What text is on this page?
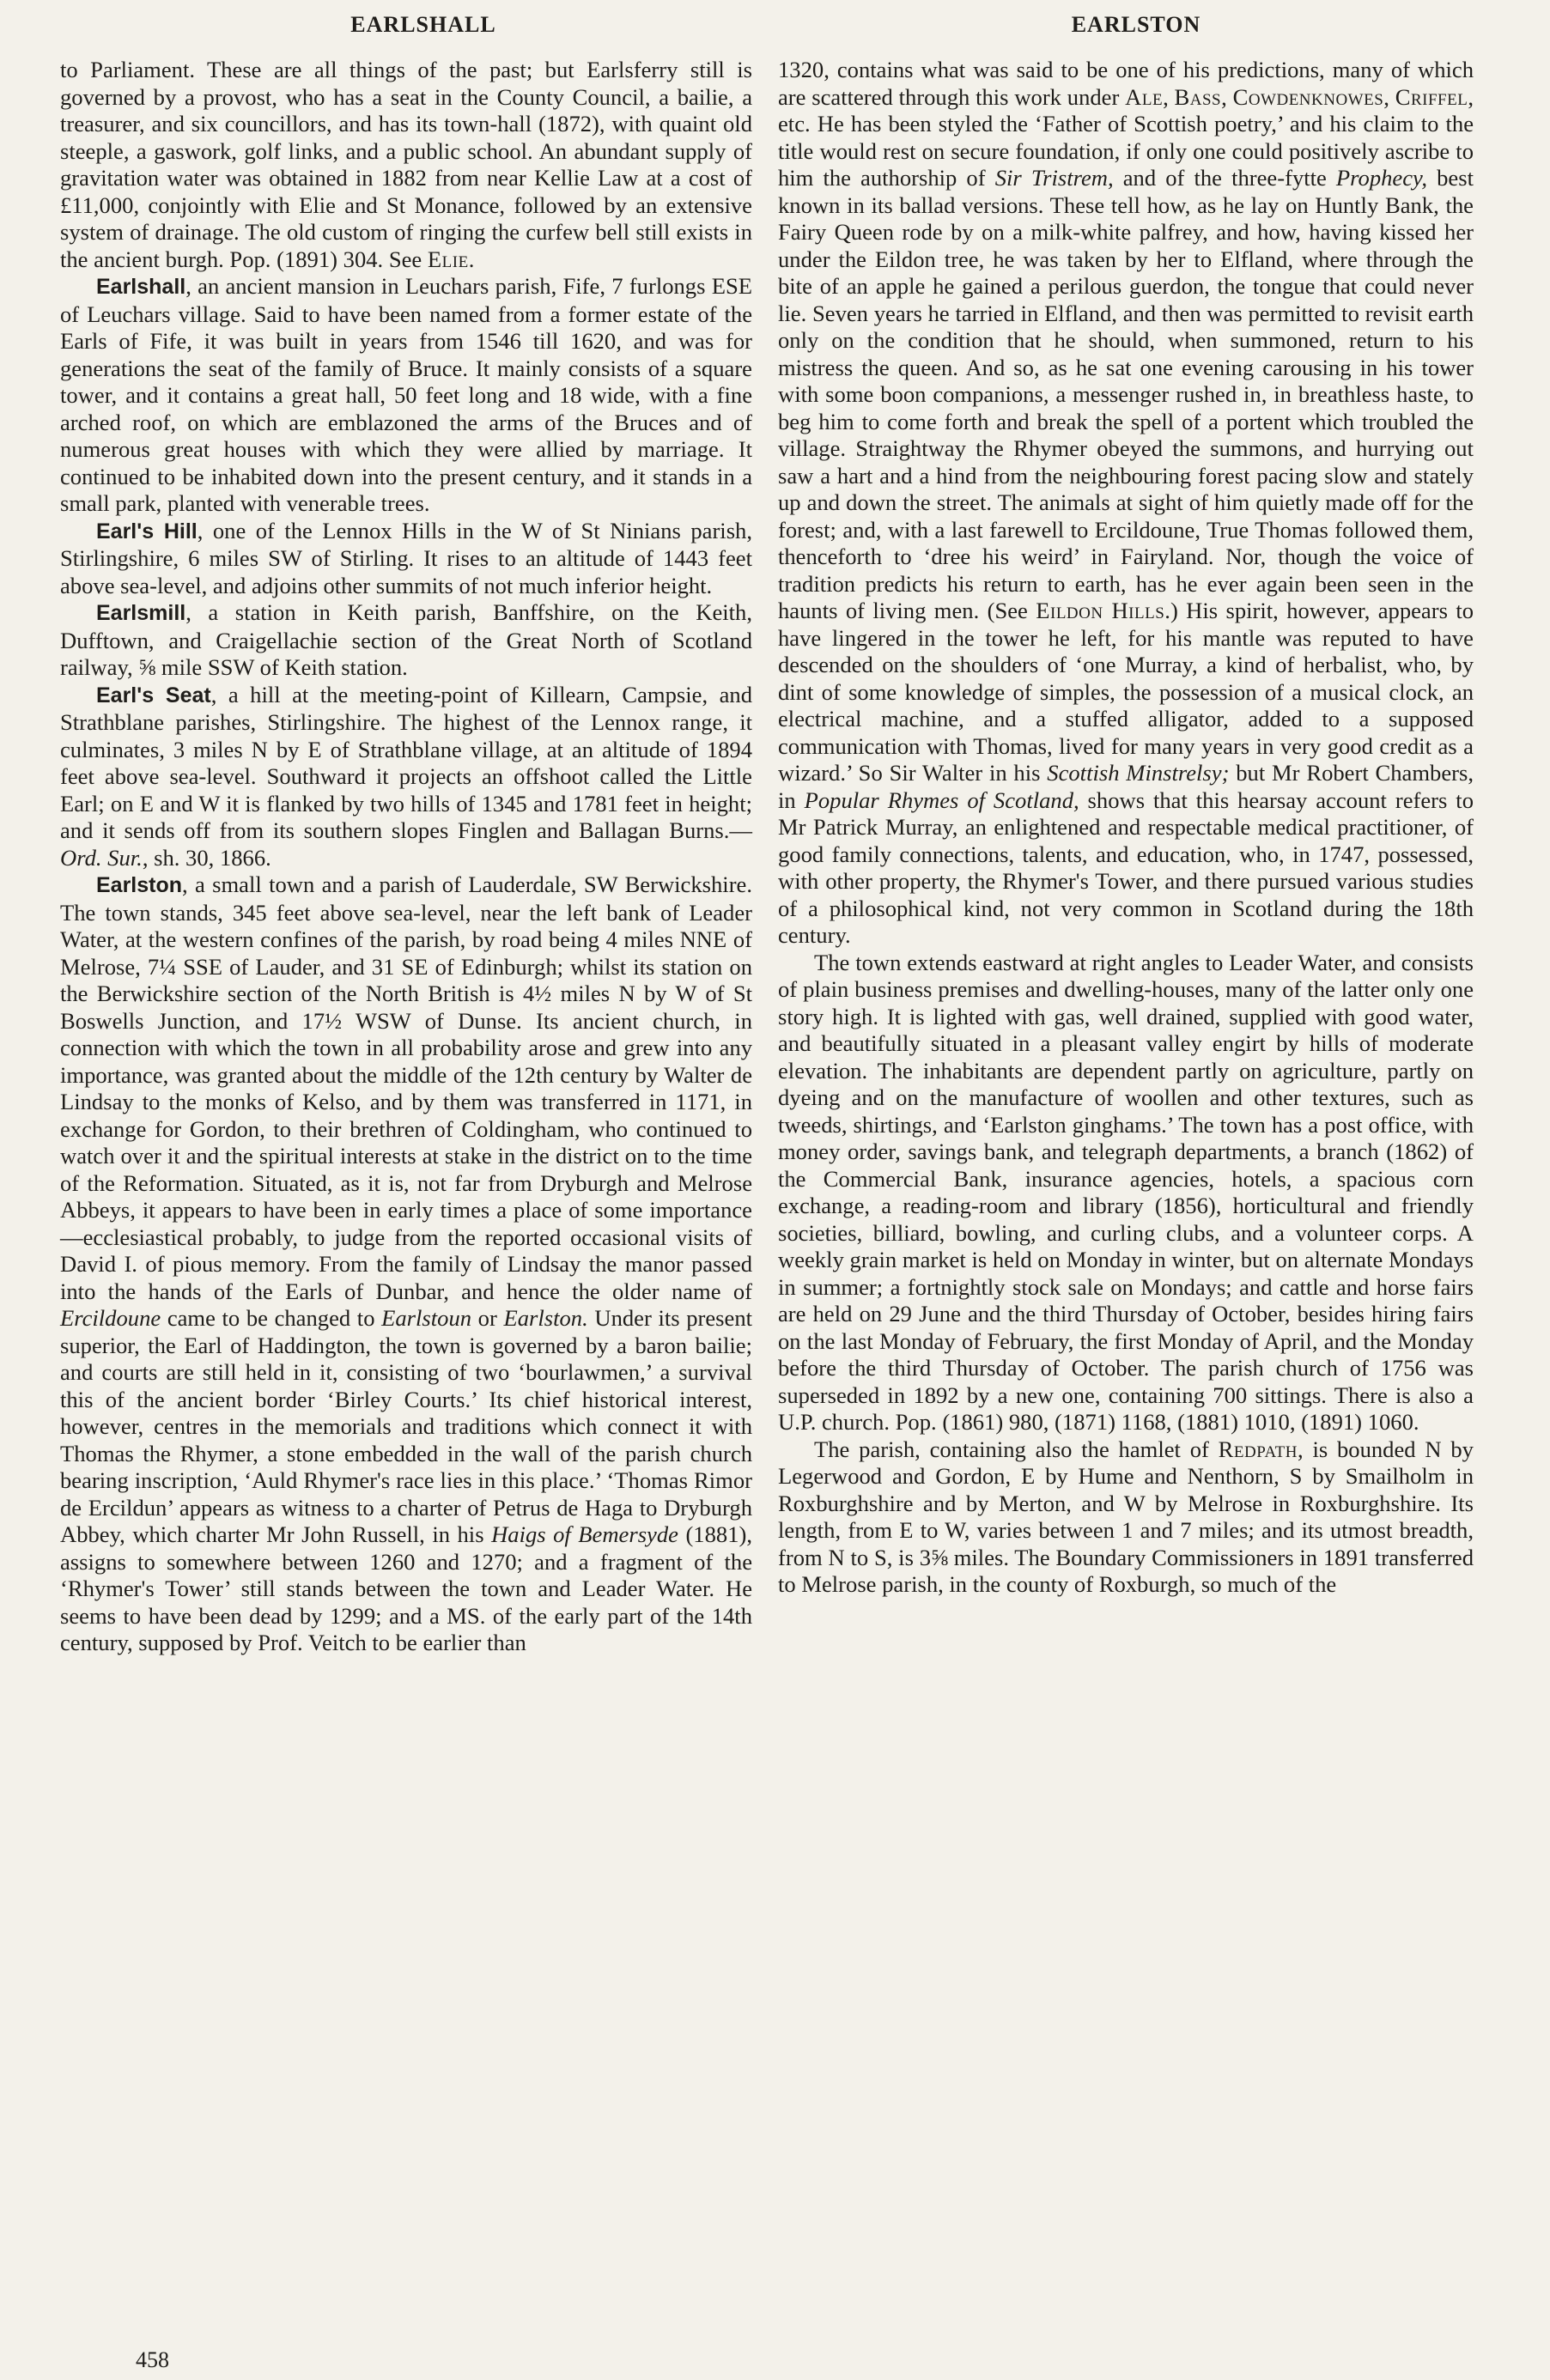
EARLSHALL	EARLSTON

to Parliament. These are all things of the past; but Earlsferry still is governed by a provost, who has a seat in the County Council, a bailie, a treasurer, and six councillors, and has its town-hall (1872), with quaint old steeple, a gaswork, golf links, and a public school. An abundant supply of gravitation water was obtained in 1882 from near Kellie Law at a cost of £11,000, conjointly with Elie and St Monance, followed by an extensive system of drainage. The old custom of ringing the curfew bell still exists in the ancient burgh. Pop. (1891) 304. See Elie.

Earlshall, an ancient mansion in Leuchars parish, Fife, 7 furlongs ESE of Leuchars village. Said to have been named from a former estate of the Earls of Fife, it was built in years from 1546 till 1620, and was for generations the seat of the family of Bruce. It mainly consists of a square tower, and it contains a great hall, 50 feet long and 18 wide, with a fine arched roof, on which are emblazoned the arms of the Bruces and of numerous great houses with which they were allied by marriage. It continued to be inhabited down into the present century, and it stands in a small park, planted with venerable trees.

Earl's Hill, one of the Lennox Hills in the W of St Ninians parish, Stirlingshire, 6 miles SW of Stirling. It rises to an altitude of 1443 feet above sea-level, and adjoins other summits of not much inferior height.

Earlsmill, a station in Keith parish, Banffshire, on the Keith, Dufftown, and Craigellachie section of the Great North of Scotland railway, ⅝ mile SSW of Keith station.

Earl's Seat, a hill at the meeting-point of Killearn, Campsie, and Strathblane parishes, Stirlingshire. The highest of the Lennox range, it culminates, 3 miles N by E of Strathblane village, at an altitude of 1894 feet above sea-level. Southward it projects an offshoot called the Little Earl; on E and W it is flanked by two hills of 1345 and 1781 feet in height; and it sends off from its southern slopes Finglen and Ballagan Burns.—Ord. Sur., sh. 30, 1866.

Earlston, a small town and a parish of Lauderdale, SW Berwickshire. The town stands, 345 feet above sea-level, near the left bank of Leader Water, at the western confines of the parish, by road being 4 miles NNE of Melrose, 7¼ SSE of Lauder, and 31 SE of Edinburgh; whilst its station on the Berwickshire section of the North British is 4½ miles N by W of St Boswells Junction, and 17½ WSW of Dunse. Its ancient church, in connection with which the town in all probability arose and grew into any importance, was granted about the middle of the 12th century by Walter de Lindsay to the monks of Kelso, and by them was transferred in 1171, in exchange for Gordon, to their brethren of Coldingham, who continued to watch over it and the spiritual interests at stake in the district on to the time of the Reformation. Situated, as it is, not far from Dryburgh and Melrose Abbeys, it appears to have been in early times a place of some importance—ecclesiastical probably, to judge from the reported occasional visits of David I. of pious memory. From the family of Lindsay the manor passed into the hands of the Earls of Dunbar, and hence the older name of Ercildoune came to be changed to Earlstoun or Earlston. Under its present superior, the Earl of Haddington, the town is governed by a baron bailie; and courts are still held in it, consisting of two ‘bourlawmen,’ a survival this of the ancient border ‘Birley Courts.’ Its chief historical interest, however, centres in the memorials and traditions which connect it with Thomas the Rhymer, a stone embedded in the wall of the parish church bearing inscription, ‘Auld Rhymer's race lies in this place.’ ‘Thomas Rimor de Ercildun’ appears as witness to a charter of Petrus de Haga to Dryburgh Abbey, which charter Mr John Russell, in his Haigs of Bemersyde (1881), assigns to somewhere between 1260 and 1270; and a fragment of the ‘Rhymer's Tower’ still stands between the town and Leader Water. He seems to have been dead by 1299; and a MS. of the early part of the 14th century, supposed by Prof. Veitch to be earlier than

1320, contains what was said to be one of his predictions, many of which are scattered through this work under Ale, Bass, Cowdenknowes, Criffel, etc. He has been styled the ‘Father of Scottish poetry,’ and his claim to the title would rest on secure foundation, if only one could positively ascribe to him the authorship of Sir Tristrem, and of the three-fytte Prophecy, best known in its ballad versions. These tell how, as he lay on Huntly Bank, the Fairy Queen rode by on a milk-white palfrey, and how, having kissed her under the Eildon tree, he was taken by her to Elfland, where through the bite of an apple he gained a perilous guerdon, the tongue that could never lie. Seven years he tarried in Elfland, and then was permitted to revisit earth only on the condition that he should, when summoned, return to his mistress the queen. And so, as he sat one evening carousing in his tower with some boon companions, a messenger rushed in, in breathless haste, to beg him to come forth and break the spell of a portent which troubled the village. Straightway the Rhymer obeyed the summons, and hurrying out saw a hart and a hind from the neighbouring forest pacing slow and stately up and down the street. The animals at sight of him quietly made off for the forest; and, with a last farewell to Ercildoune, True Thomas followed them, thenceforth to ‘dree his weird’ in Fairyland. Nor, though the voice of tradition predicts his return to earth, has he ever again been seen in the haunts of living men. (See Eildon Hills.) His spirit, however, appears to have lingered in the tower he left, for his mantle was reputed to have descended on the shoulders of ‘one Murray, a kind of herbalist, who, by dint of some knowledge of simples, the possession of a musical clock, an electrical machine, and a stuffed alligator, added to a supposed communication with Thomas, lived for many years in very good credit as a wizard.’ So Sir Walter in his Scottish Minstrelsy; but Mr Robert Chambers, in Popular Rhymes of Scotland, shows that this hearsay account refers to Mr Patrick Murray, an enlightened and respectable medical practitioner, of good family connections, talents, and education, who, in 1747, possessed, with other property, the Rhymer's Tower, and there pursued various studies of a philosophical kind, not very common in Scotland during the 18th century.

The town extends eastward at right angles to Leader Water, and consists of plain business premises and dwelling-houses, many of the latter only one story high. It is lighted with gas, well drained, supplied with good water, and beautifully situated in a pleasant valley engirt by hills of moderate elevation. The inhabitants are dependent partly on agriculture, partly on dyeing and on the manufacture of woollen and other textures, such as tweeds, shirtings, and ‘Earlston ginghams.’ The town has a post office, with money order, savings bank, and telegraph departments, a branch (1862) of the Commercial Bank, insurance agencies, hotels, a spacious corn exchange, a reading-room and library (1856), horticultural and friendly societies, billiard, bowling, and curling clubs, and a volunteer corps. A weekly grain market is held on Monday in winter, but on alternate Mondays in summer; a fortnightly stock sale on Mondays; and cattle and horse fairs are held on 29 June and the third Thursday of October, besides hiring fairs on the last Monday of February, the first Monday of April, and the Monday before the third Thursday of October. The parish church of 1756 was superseded in 1892 by a new one, containing 700 sittings. There is also a U.P. church. Pop. (1861) 980, (1871) 1168, (1881) 1010, (1891) 1060.

The parish, containing also the hamlet of Redpath, is bounded N by Legerwood and Gordon, E by Hume and Nenthorn, S by Smailholm in Roxburghshire and by Merton, and W by Melrose in Roxburghshire. Its length, from E to W, varies between 1 and 7 miles; and its utmost breadth, from N to S, is 3⅝ miles. The Boundary Commissioners in 1891 transferred to Melrose parish, in the county of Roxburgh, so much of the

458
